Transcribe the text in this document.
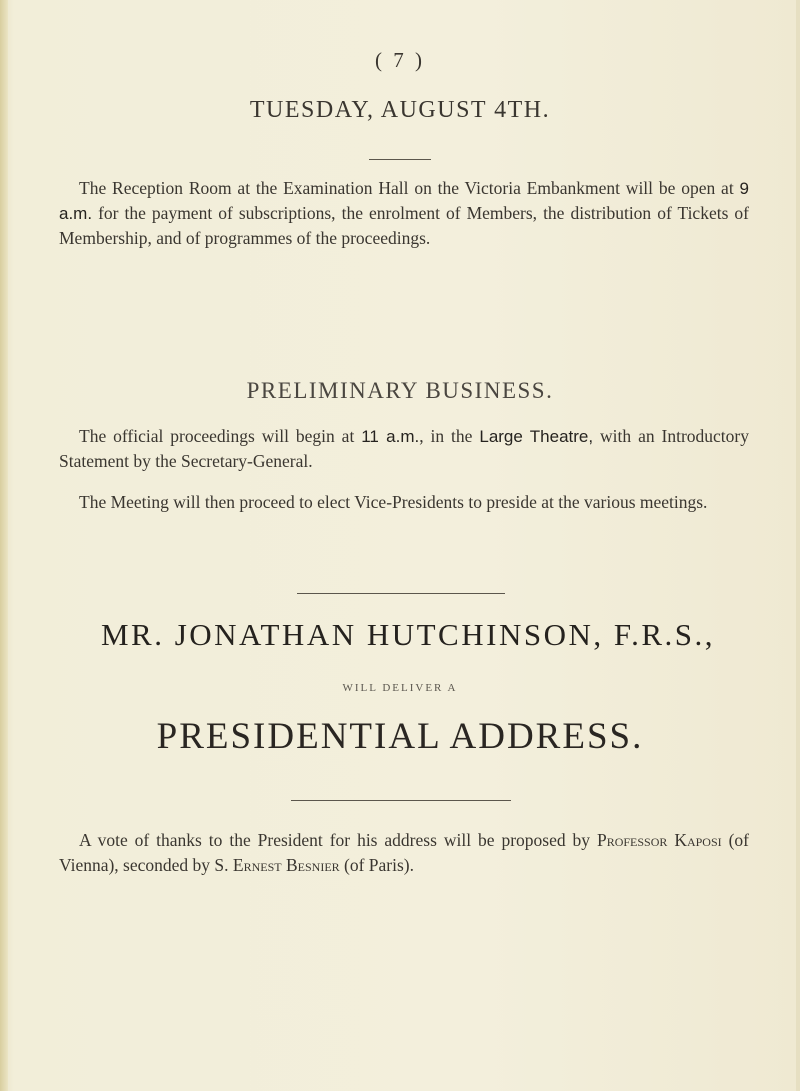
( 7 )
TUESDAY, AUGUST 4TH.

The Reception Room at the Examination Hall on the Victoria Embankment will be open at 9 a.m. for the payment of subscriptions, the enrolment of Members, the distribution of Tickets of Membership, and of programmes of the proceedings.

PRELIMINARY BUSINESS.

The official proceedings will begin at 11 a.m., in the Large Theatre, with an Introductory Statement by the Secretary-General.

The Meeting will then proceed to elect Vice-Presidents to preside at the various meetings.

MR. JONATHAN HUTCHINSON, F.R.S.,
WILL DELIVER A
PRESIDENTIAL ADDRESS.

A vote of thanks to the President for his address will be proposed by Professor Kaposi (of Vienna), seconded by S. Ernest Besnier (of Paris).
